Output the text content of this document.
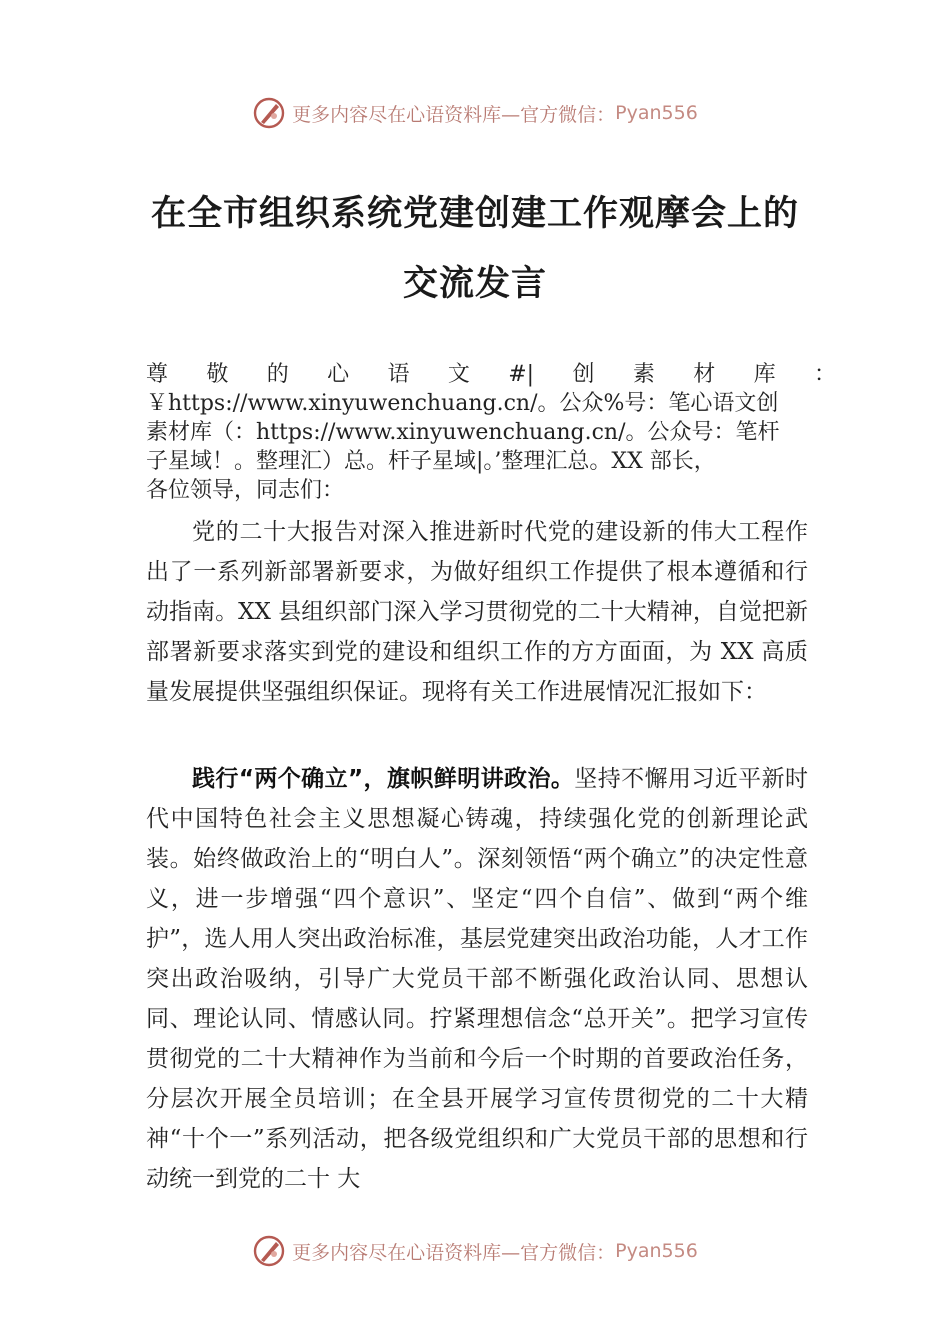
更多内容尽在心语资料库—官方微信： Pyan556
在全市组织系统党建创建工作观摩会上的
交流发言
尊 敬 的 心 语 文 #| 创 素 材 库 ：
￥https://www.xinyuwenchuang.cn/。公众%号：笔心语文创
素材库（：https://www.xinyuwenchuang.cn/。公众号：笔杆
子星域！。整理汇）总。杆子星域|。’整理汇总。XX 部长，
各位领导，同志们：
党的二十大报告对深入推进新时代党的建设新的伟大工程作出了一系列新部署新要求，为做好组织工作提供了根本遵循和行动指南。XX 县组织部门深入学习贯彻党的二十大精神，自觉把新部署新要求落实到党的建设和组织工作的方方面面，为 XX 高质量发展提供坚强组织保证。现将有关工作进展情况汇报如下：
践行“两个确立”，旗帜鲜明讲政治。坚持不懈用习近平新时代中国特色社会主义思想凝心铸魂，持续强化党的创新理论武装。始终做政治上的“明白人”。深刻领悟“两个确立”的决定性意义，进一步增强“四个意识”、坚定“四个自信”、做到“两个维护”，选人用人突出政治标准，基层党建突出政治功能，人才工作突出政治吸纳，引导广大党员干部不断强化政治认同、思想认同、理论认同、情感认同。拧紧理想信念“总开关”。把学习宣传贯彻党的二十大精神作为当前和今后一个时期的首要政治任务，分层次开展全员培训；在全县开展学习宣传贯彻党的二十大精神“十个一”系列活动，把各级党组织和广大党员干部的思想和行动统一到党的二十 大
更多内容尽在心语资料库—官方微信： Pyan556
